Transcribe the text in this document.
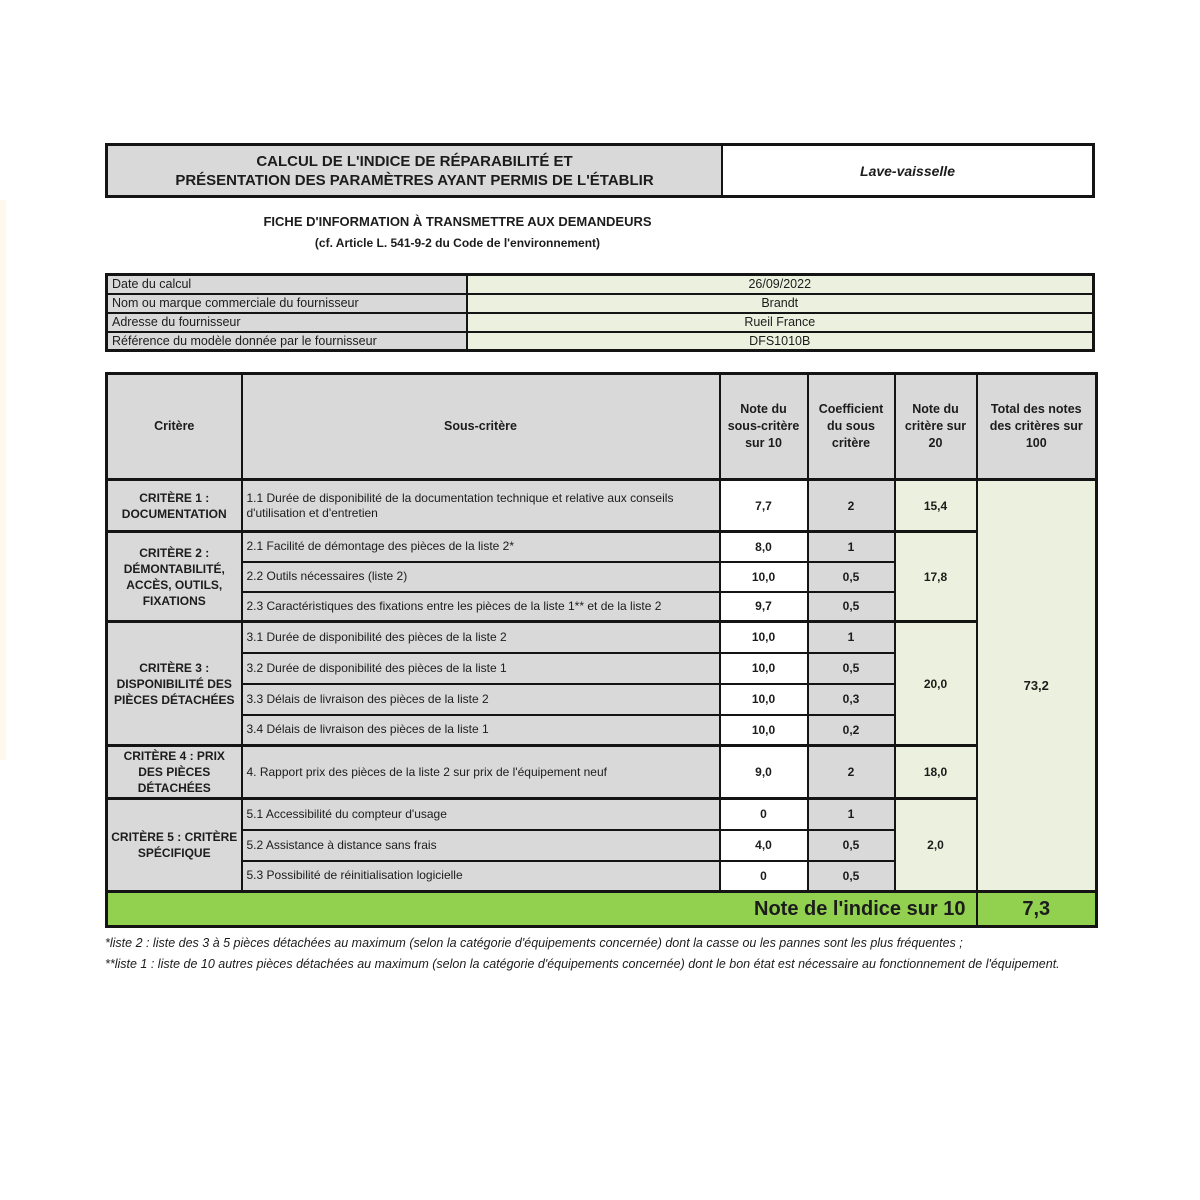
CALCUL DE L'INDICE DE RÉPARABILITÉ ET
PRÉSENTATION DES PARAMÈTRES AYANT PERMIS DE L'ÉTABLIR
Lave-vaisselle
FICHE D'INFORMATION À TRANSMETTRE AUX DEMANDEURS
(cf. Article L. 541-9-2 du Code de l'environnement)
Date du calcul	26/09/2022
Nom ou marque commerciale du fournisseur	Brandt
Adresse du fournisseur	Rueil France
Référence du modèle donnée par le fournisseur	DFS1010B
Critère	Sous-critère	Note du sous-critère sur 10	Coefficient du sous critère	Note du critère sur 20	Total des notes des critères sur 100
CRITÈRE 1 : DOCUMENTATION	1.1 Durée de disponibilité de la documentation technique et relative aux conseils d'utilisation et d'entretien	7,7	2	15,4	73,2
CRITÈRE 2 : DÉMONTABILITÉ, ACCÈS, OUTILS, FIXATIONS	2.1 Facilité de démontage des pièces de la liste 2*	8,0	1	17,8	
	2.2 Outils nécessaires (liste 2)	10,0	0,5		
	2.3 Caractéristiques des fixations entre les pièces de la liste 1** et de la liste 2	9,7	0,5		
CRITÈRE 3 : DISPONIBILITÉ DES PIÈCES DÉTACHÉES	3.1 Durée de disponibilité des pièces de la liste 2	10,0	1	20,0	
	3.2 Durée de disponibilité des pièces de la liste 1	10,0	0,5		
	3.3 Délais de livraison des pièces de la liste 2	10,0	0,3		
	3.4 Délais de livraison des pièces de la liste 1	10,0	0,2		
CRITÈRE 4 : PRIX DES PIÈCES DÉTACHÉES	4. Rapport prix des pièces de la liste 2 sur prix de l'équipement neuf	9,0	2	18,0	
CRITÈRE 5 : CRITÈRE SPÉCIFIQUE	5.1 Accessibilité du compteur d'usage	0	1	2,0	
	5.2 Assistance à distance sans frais	4,0	0,5		
	5.3 Possibilité de réinitialisation logicielle	0	0,5		
Note de l'indice sur 10					7,3

*liste 2 : liste des 3 à 5 pièces détachées au maximum (selon la catégorie d'équipements concernée) dont la casse ou les pannes sont les plus fréquentes ;

**liste 1 : liste de 10 autres pièces détachées au maximum (selon la catégorie d'équipements concernée) dont le bon état est nécessaire au fonctionnement de l'équipement.
